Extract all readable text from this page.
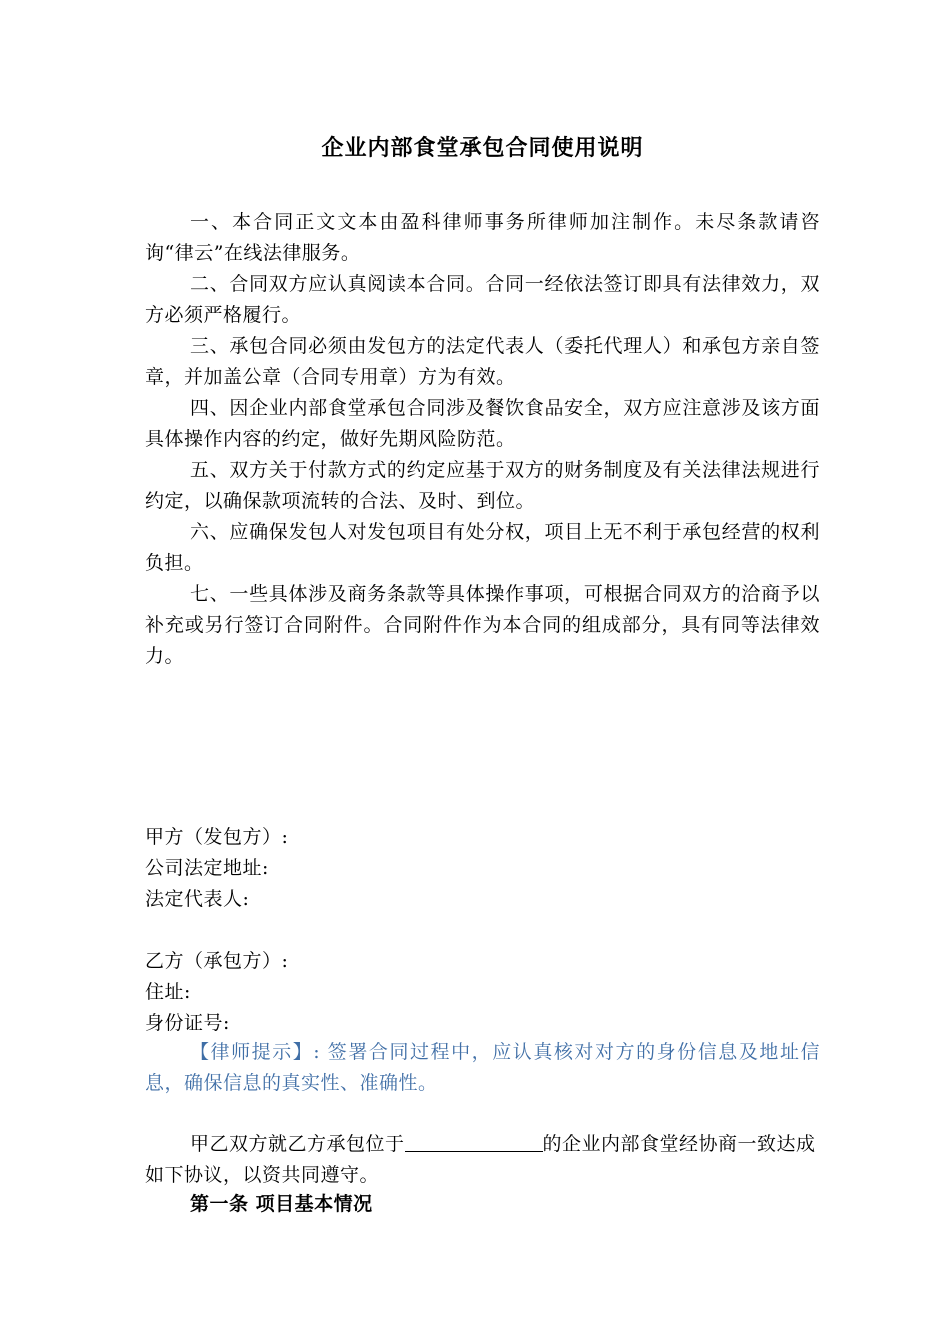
企业内部食堂承包合同使用说明

一、本合同正文文本由盈科律师事务所律师加注制作。未尽条款请咨询“律云”在线法律服务。

二、合同双方应认真阅读本合同。合同一经依法签订即具有法律效力，双方必须严格履行。

三、承包合同必须由发包方的法定代表人（委托代理人）和承包方亲自签章，并加盖公章（合同专用章）方为有效。

四、因企业内部食堂承包合同涉及餐饮食品安全，双方应注意涉及该方面具体操作内容的约定，做好先期风险防范。

五、双方关于付款方式的约定应基于双方的财务制度及有关法律法规进行约定，以确保款项流转的合法、及时、到位。

六、应确保发包人对发包项目有处分权，项目上无不利于承包经营的权利负担。

七、一些具体涉及商务条款等具体操作事项，可根据合同双方的洽商予以补充或另行签订合同附件。合同附件作为本合同的组成部分，具有同等法律效力。

甲方（发包方）:

公司法定地址:

法定代表人:

乙方（承包方）:

住址:

身份证号:

【律师提示】: 签署合同过程中，应认真核对对方的身份信息及地址信息，确保信息的真实性、准确性。

甲乙双方就乙方承包位于	的企业内部食堂经协商一致达成如下协议，以资共同遵守。

第一条 项目基本情况
